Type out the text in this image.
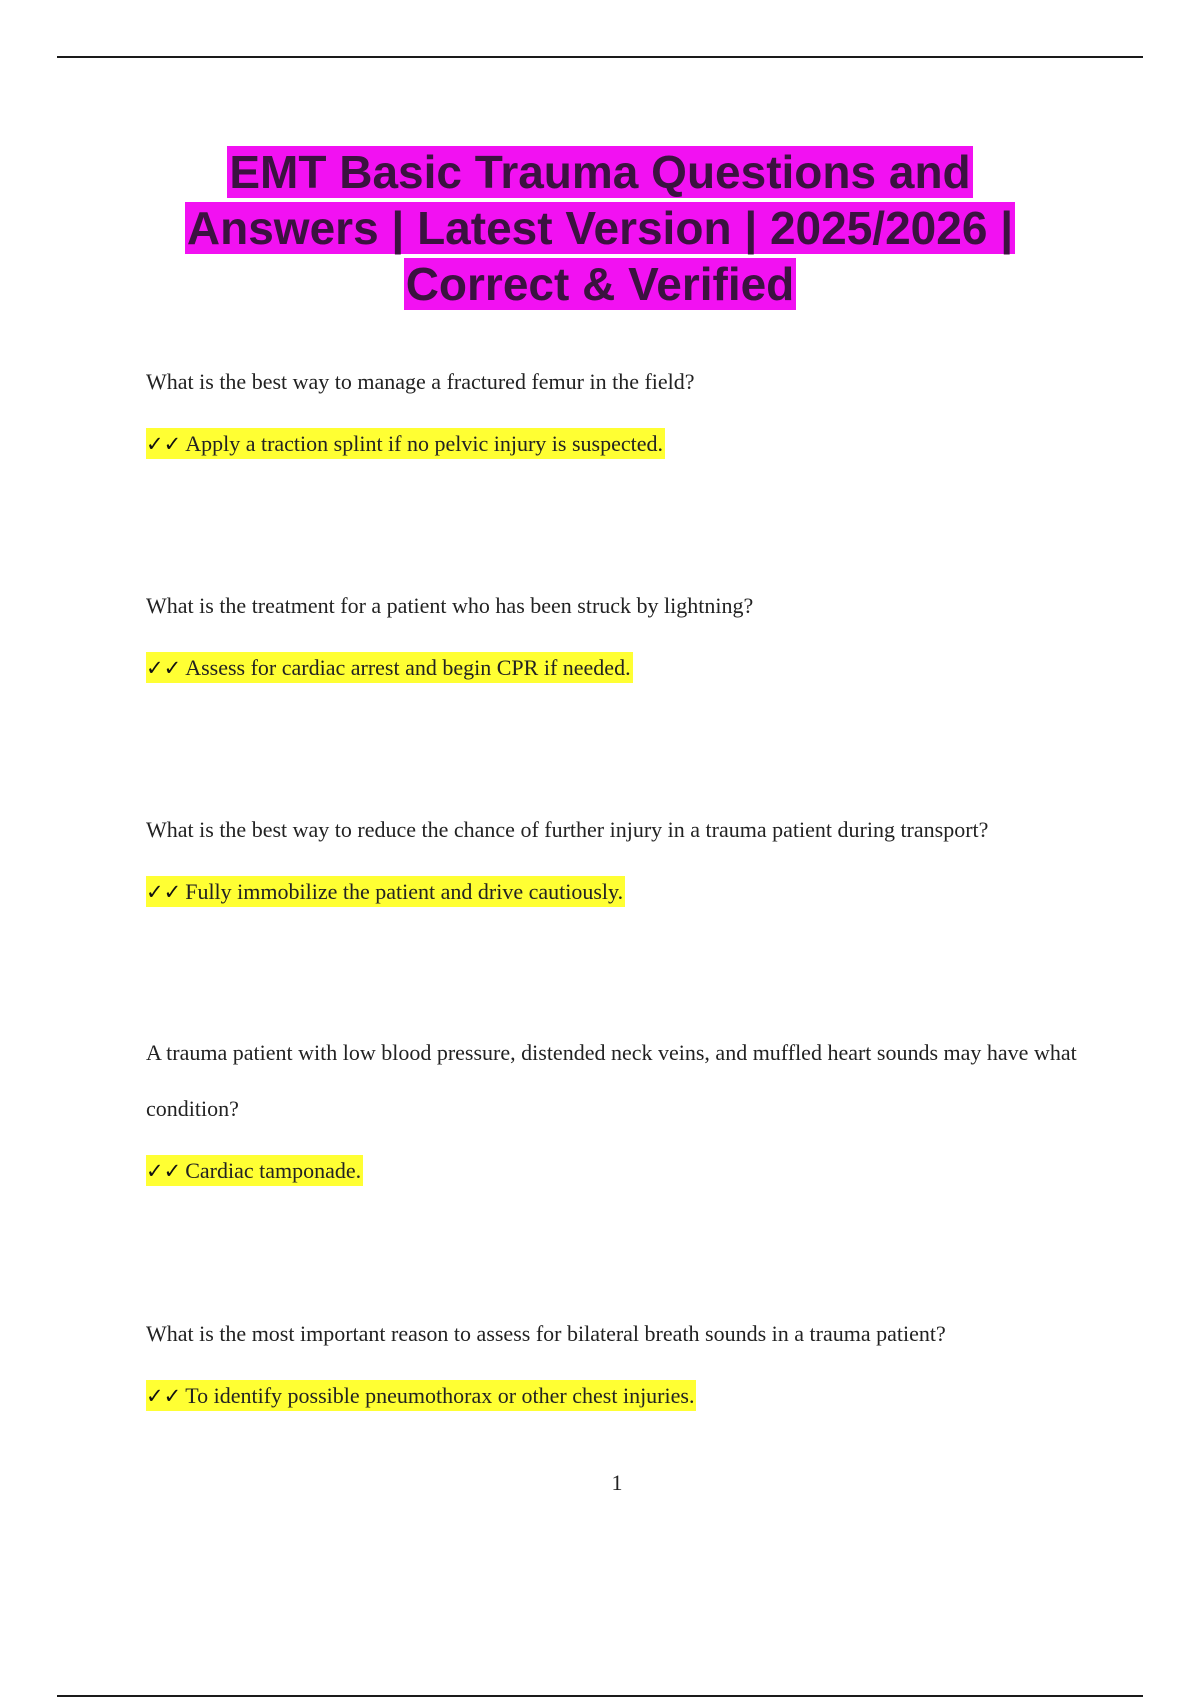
EMT Basic Trauma Questions and
Answers | Latest Version | 2025/2026 |
Correct & Verified

What is the best way to manage a fractured femur in the field?

✓✓ Apply a traction splint if no pelvic injury is suspected.

What is the treatment for a patient who has been struck by lightning?

✓✓ Assess for cardiac arrest and begin CPR if needed.

What is the best way to reduce the chance of further injury in a trauma patient during transport?

✓✓ Fully immobilize the patient and drive cautiously.

A trauma patient with low blood pressure, distended neck veins, and muffled heart sounds may have what condition?

✓✓ Cardiac tamponade.

What is the most important reason to assess for bilateral breath sounds in a trauma patient?

✓✓ To identify possible pneumothorax or other chest injuries.

1
